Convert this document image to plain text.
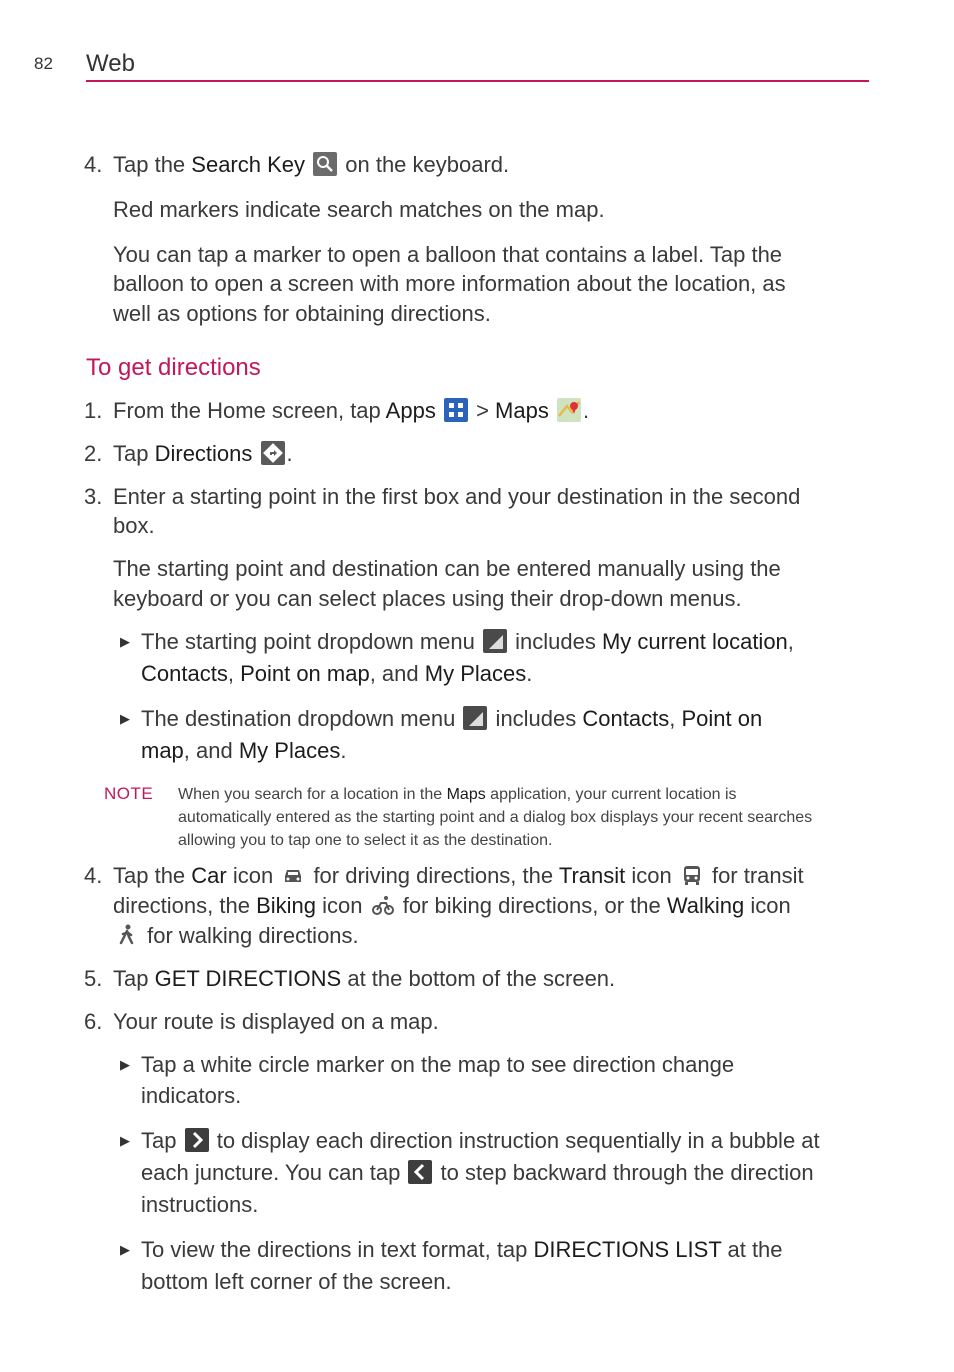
82 Web
4. Tap the Search Key
on the keyboard.
Red markers indicate search matches on the map.
You can tap a marker to open a balloon that contains a label. Tap the
balloon to open a screen with more information about the location, as
well as options for obtaining directions.
To get directions
1. From the Home screen, tap Apps
> Maps .
2. Tap Directions .
3. Enter a starting point in the first box and your destination in the second
box.
The starting point and destination can be entered manually using the
keyboard or you can select places using their drop-down menus.
▶ The starting point dropdown menu
includes My current location,
Contacts, Point on map, and My Places.
▶ The destination dropdown menu
includes Contacts, Point on
map, and My Places.
NOTE When you search for a location in the Maps application, your current location is
automatically entered as the starting point and a dialog box displays your recent searches
allowing you to tap one to select it as the destination.
4. Tap the Car icon
for driving directions, the Transit icon
for transit
directions, the Biking icon
for biking directions, or the Walking icon
for walking directions.
5. Tap GET DIRECTIONS at the bottom of the screen.
6. Your route is displayed on a map.
▶ Tap a white circle marker on the map to see direction change
indicators.
▶ Tap
to display each direction instruction sequentially in a bubble at
each juncture. You can tap
to step backward through the direction
instructions.
▶ To view the directions in text format, tap DIRECTIONS LIST at the
bottom left corner of the screen.
